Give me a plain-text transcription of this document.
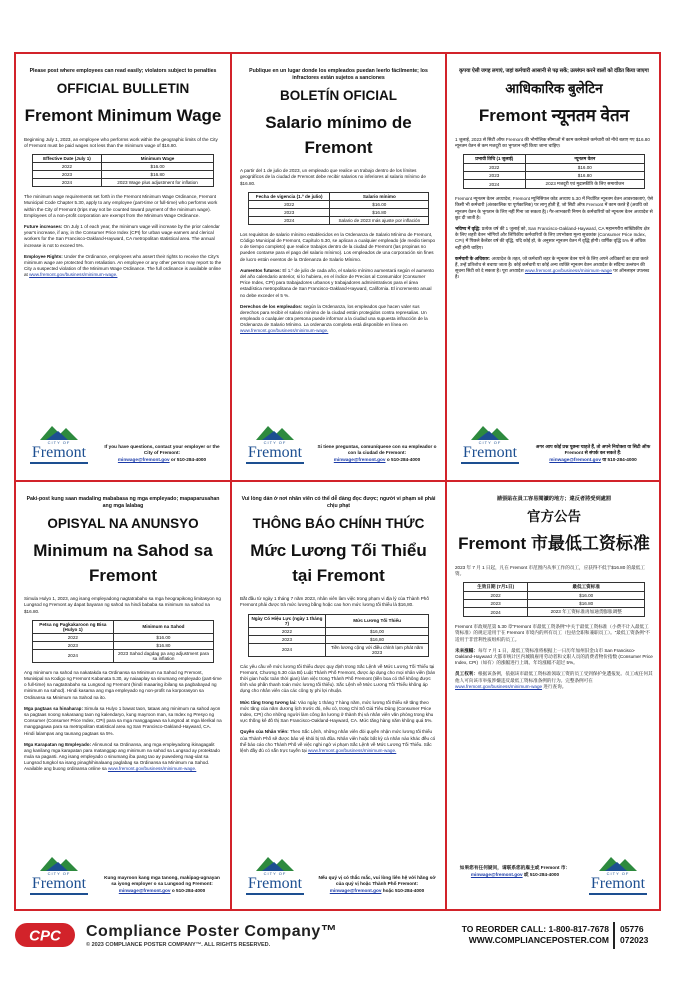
Please post where employees can read easily; violators subject to penalties
OFFICIAL BULLETIN
Fremont Minimum Wage

Beginning July 1, 2023, an employee who performs work within the geographic limits of the City of Fremont must be paid wages not less than the minimum wage of $16.80.

Effective Date (July 1)	Minimum Wage
2022	$16.00
2023	$16.80
2024	2023 Wage plus adjustment for inflation

The minimum wage requirements set forth in the Fremont Minimum Wage Ordinance, Fremont Municipal Code Chapter 5.30, apply to any employee (part-time or full-time) who performs work within the City of Fremont (trips may not be counted toward payment of the minimum wage). Employees of a non-profit corporation are exempt from the Minimum Wage Ordinance.

Future increases: On July 1 of each year, the minimum wage will increase by the prior calendar year's increase, if any, in the Consumer Price Index (CPI) for urban wage earners and clerical workers for the San Francisco-Oakland-Hayward, CA metropolitan statistical area. The annual increase is not to exceed 5%.

Employee Rights: Under the Ordinance, employees who assert their rights to receive the City's minimum wage are protected from retaliation. An employee or any other person may report to the City a suspected violation of the Minimum Wage Ordinance. The full ordinance is available online at www.fremont.gov/business/minimum-wage.

CITY OF
Fremont	If you have questions, contact your employer or the City of Fremont:
minwage@fremont.gov or 510-284-4000
Publique en un lugar donde los empleados puedan leerlo fácilmente; los infractores están sujetos a sanciones
BOLETÍN OFICIAL
Salario mínimo de Fremont

A partir del 1 de julio de 2023, un empleado que realice un trabajo dentro de los límites geográficos de la ciudad de Fremont debe recibir salarios no inferiores al salario mínimo de $16.80.

Fecha de vigencia (1.º de julio)	Salario mínimo
2022	$16.00
2023	$16.80
2024	Salario de 2023 más ajuste por inflación

Los requisitos de salario mínimo establecidos en la Ordenanza de Salario Mínimo de Fremont, Código Municipal de Fremont, Capítulo 5.30, se aplican a cualquier empleado (de medio tiempo o de tiempo completo) que realice trabajos dentro de la ciudad de Fremont (las propinas no pueden contarse para el pago del salario mínimo). Los empleados de una corporación sin fines de lucro están exentos de la Ordenanza de Salario Mínimo.

Aumentos futuros: El 1.º de julio de cada año, el salario mínimo aumentará según el aumento del año calendario anterior, si lo hubiera, en el índice de Precios al Consumidor (Consumer Price Index, CPI) para trabajadores urbanos y trabajadores administrativos para el área estadística metropolitana de San Francisco-Oakland-Hayward, California. El incremento anual no debe exceder el 5 %.

Derechos de los empleados: según la Ordenanza, los empleados que hacen valer sus derechos para recibir el salario mínimo de la ciudad están protegidos contra represalias. Un empleado o cualquier otra persona puede informar a la ciudad una supuesta infracción de la Ordenanza de Salario Mínimo. La ordenanza completa está disponible en línea en www.fremont.gov/business/minimum-wage.

CITY OF
Fremont	Si tiene preguntas, comuníquese con su empleador o con la ciudad de Fremont:
minwage@fremont.gov o 510-284-4000
कृपया ऐसी जगह लगाएं, जहां कर्मचारी आसानी से पढ़ सकें; उल्लंघन करने वालों को दंडित किया जाएगा
आधिकारिक बुलेटिन
Fremont न्यूनतम वेतन

1 जुलाई, 2023 से सिटी ऑफ Fremont की भौगोलिक सीमाओं में काम करनेवाले कर्मचारी को नीचे बताए गए $16.80 न्यूनतम वेतन से कम मजदूरी का भुगतान नहीं किया जाना चाहिए।

प्रभावी तिथि (1 जुलाई)	न्यूनतम वेतन
2022	$16.00
2023	$16.80
2024	2023 मजदूरी एवं मुद्रास्फीति के लिए समायोजन

Fremont न्यूनतम वेतन अध्यादेश, Fremont म्युनिसिपल कोड अध्याय 5.30 में निर्धारित न्यूनतम वेतन आवश्यकताएं, ऐसे किसी भी कर्मचारी (अंशकालिक या पूर्णकालिक) पर लागू होती हैं, जो सिटी ऑफ Fremont में काम करते हैं (अवधि को न्यूनतम वेतन के भुगतान के लिए नहीं गिना जा सकता है)। गैर-लाभकारी निगम के कर्मचारियों को न्यूनतम वेतन अध्यादेश से छूट दी जाती है।

भविष्य में वृद्धि: प्रत्येक वर्ष की 1 जुलाई को, San Francisco-Oakland-Hayward, CA महानगरीय सांख्यिकीय क्षेत्र के लिए शहरी वेतन भोगियों और लिपिकीय कर्मचारियों के लिए उपभोक्ता मूल्य सूचकांक (Consumer Price Index, CPI) में पिछले कैलेंडर वर्ष की वृद्धि, यदि कोई हो, के अनुसार न्यूनतम वेतन में वृद्धि होगी। वार्षिक वृद्धि 5% से अधिक नहीं होनी चाहिए।

कर्मचारी के अधिकार: अध्यादेश के तहत, जो कर्मचारी शहर के न्यूनतम वेतन पाने के लिए अपने अधिकारों का दावा करते हैं, उन्हें प्रतिशोध से बचाया जाता है। कोई कर्मचारी या कोई अन्य व्यक्ति न्यूनतम वेतन अध्यादेश के संदिग्ध उल्लंघन की सूचना सिटी को दे सकता है। पूरा अध्यादेश www.fremont.gov/business/minimum-wage पर ऑनलाइन उपलब्ध है।

CITY OF
Fremont	अगर आप कोई प्रश्न पूछना चाहते हैं, तो अपने नियोक्ता या सिटी ऑफ Fremont से संपर्क कर सकते हैं:
minwage@fremont.gov या 510-284-4000
Paki-post kung saan madaling mababasa ng mga empleyado; mapaparusahan ang mga lalabag
OPISYAL NA ANUNSYO
Minimum na Sahod sa Fremont

Simula Hulyo 1, 2023, ang isang empleyadong nagtatrabaho sa mga heograpikong limitasyon ng Lungsod ng Fremont ay dapat bayaran ng sahod na hindi bababa sa minimum na sahod na $16.80.

Petsa ng Pagkakaroon ng Bisa (Hulyo 1)	Minimum na Sahod
2022	$16.00
2023	$16.80
2024	2023 Sahod dagdag pa ang adjustment para sa inflation

Ang minimum na sahod na nakatakda sa Ordinansa sa Minimum na Sahod ng Fremont, Munisipal na Kodigo ng Fremont Kabanata 5.30, ay naiaaplay sa sinumang empleyado (part-time o full-time) na nagtatrabaho sa Lungsod ng Fremont (hindi maaaring ibilang sa pagbabayad ng minimum na sahod). Hindi kasama ang mga empleyado ng non-profit na korporasyon sa Ordinansa sa Minimum na Sahod na ito.

Mga pagtaas sa hinaharap: Simula sa Hulyo 1 bawat taon, tataas ang minimum na sahod ayon sa pagtaas noong nakaraang taon ng kalendaryo, kung mayroon man, sa Index ng Presyo ng Consumer (Consumer Price Index, CPI) para sa mga manggagawa sa lungsod at mga klerikal na manggagawa para sa metropolitan statistical area ng San Francisco-Oakland-Hayward, CA. Hindi lalampas ang taunang pagtaas sa 5%.

Mga Karapatan ng Empleyado: Alinsunod sa Ordinansa, ang mga empleyadong ikinagagalit ang kanilang mga karapatan para matanggap ang minimum na sahod sa Lungsod ay protektado mula sa paganti. Ang isang empleyado o sinumang iba pang tao ay puwedeng mag-ulat sa Lungsod tungkol sa isang pinaghihinalaang paglabag sa Ordinansa sa Minimum na Sahod. Available ang buong ordinansa online sa www.fremont.gov/business/minimum-wage.

CITY OF
Fremont	Kung mayroon kang mga tanong, makipag-ugnayan sa iyong employer o sa Lungsod ng Fremont:
minwage@fremont.gov o 510-284-4000
Vui lòng dán ở nơi nhân viên có thể dễ dàng đọc được; người vi phạm sẽ phải chịu phạt
THÔNG BÁO CHÍNH THỨC
Mức Lương Tối Thiểu tại Fremont

Bắt đầu từ ngày 1 tháng 7 năm 2023, nhân viên làm việc trong phạm vi địa lý của Thành Phố Fremont phải được trả mức lương bằng hoặc cao hơn mức lương tối thiểu là $16,80.

Ngày Có Hiệu Lực (ngày 1 tháng 7)	Mức Lương Tối Thiểu
2022	$16,00
2023	$16,80
2024	Tiền lương cộng với điều chỉnh lạm phát năm 2023

Các yêu cầu về mức lương tối thiểu được quy định trong Sắc Lệnh về Mức Lương Tối Thiểu tại Fremont, Chương 5.30 của Bộ Luật Thành Phố Fremont, được áp dụng cho mọi nhân viên (bán thời gian hoặc toàn thời gian) làm việc trong Thành Phố Fremont (tiền boa có thể không được tính vào phần thanh toán mức lương tối thiểu). Sắc Lệnh về Mức Lương Tối Thiểu không áp dụng cho nhân viên của các công ty phi lợi nhuận.

Mức tăng trong tương lai: Vào ngày 1 tháng 7 hàng năm, mức lương tối thiểu sẽ tăng theo mức tăng của năm dương lịch trước đó, nếu có, trong Chỉ Số Giá Tiêu Dùng (Consumer Price Index, CPI) cho những người làm công ăn lương ở thành thị và nhân viên văn phòng trong khu vực thống kê đô thị San Francisco-Oakland-Hayward, CA. Mức tăng hàng năm không quá 5%.

Quyền của Nhân Viên: Theo Sắc Lệnh, những nhân viên đòi quyền nhận mức lương tối thiểu của Thành Phố sẽ được bảo vệ khỏi bị trả đũa. Nhân viên hoặc bất kỳ cá nhân nào khác đều có thể báo cáo cho Thành Phố về việc nghi ngờ vi phạm Sắc Lệnh về Mức Lương Tối Thiểu. Sắc lệnh đầy đủ có sẵn trực tuyến tại www.fremont.gov/business/minimum-wage.

CITY OF
Fremont	Nếu quý vị có thắc mắc, vui lòng liên hệ với hãng sở của quý vị hoặc Thành Phố Fremont:
minwage@fremont.gov hoặc 510-284-4000
請張貼在員工容易閱讀的地方；違反者將受到處罰
官方公告
Fremont 市最低工资标准

2023 年 7 月 1 日起，凡在 Fremont 市范围内从事工作的员工，应获得不低于$16.80 的最低工资。

生效日期 (7月1日)	最低工资标准
2022	$16.00
2023	$16.80
2024	2023 年工资标准再加通货膨胀调整

Fremont 市政规范第 5.30 章“Fremont 市最低工资条例”中关于最低工资标准（小费不计入最低工资标准）的规定适用于在 Fremont 市境内的所有员工（包括全职和兼职员工）。“最低工资条例”不适用于非营利性质组织的员工。

未来涨幅：每年 7 月 1 日，最低工资标准将根据上一日历年加州旧金山市 San Francisco-Oakland-Hayward 大都市统计区内城镇雇用劳动者和文职人员的消费者物价指数 (Consumer Price Index, CPI)（如有）的涨幅进行上调。年均涨幅不超过 5%。

员工权利：根据该条例，依据该市最低工资标准领取工资的员工受到保护免遭报复。员工或任何其他人可向该市举报涉嫌违反最低工资标准条例的行为。完整条例可在 www.fremont.gov/business/minimum-wage 进行查询。

CITY OF
Fremont
如果您有任何疑问，请联系您的雇主或 Fremont 市：
minwage@fremont.gov 或 510-284-4000
CPC Compliance Poster Company™
© 2023 COMPLIANCE POSTER COMPANY™. ALL RIGHTS RESERVED.
TO REORDER CALL: 1-800-817-7678
WWW.COMPLIANCEPOSTER.COM
05776
072023
